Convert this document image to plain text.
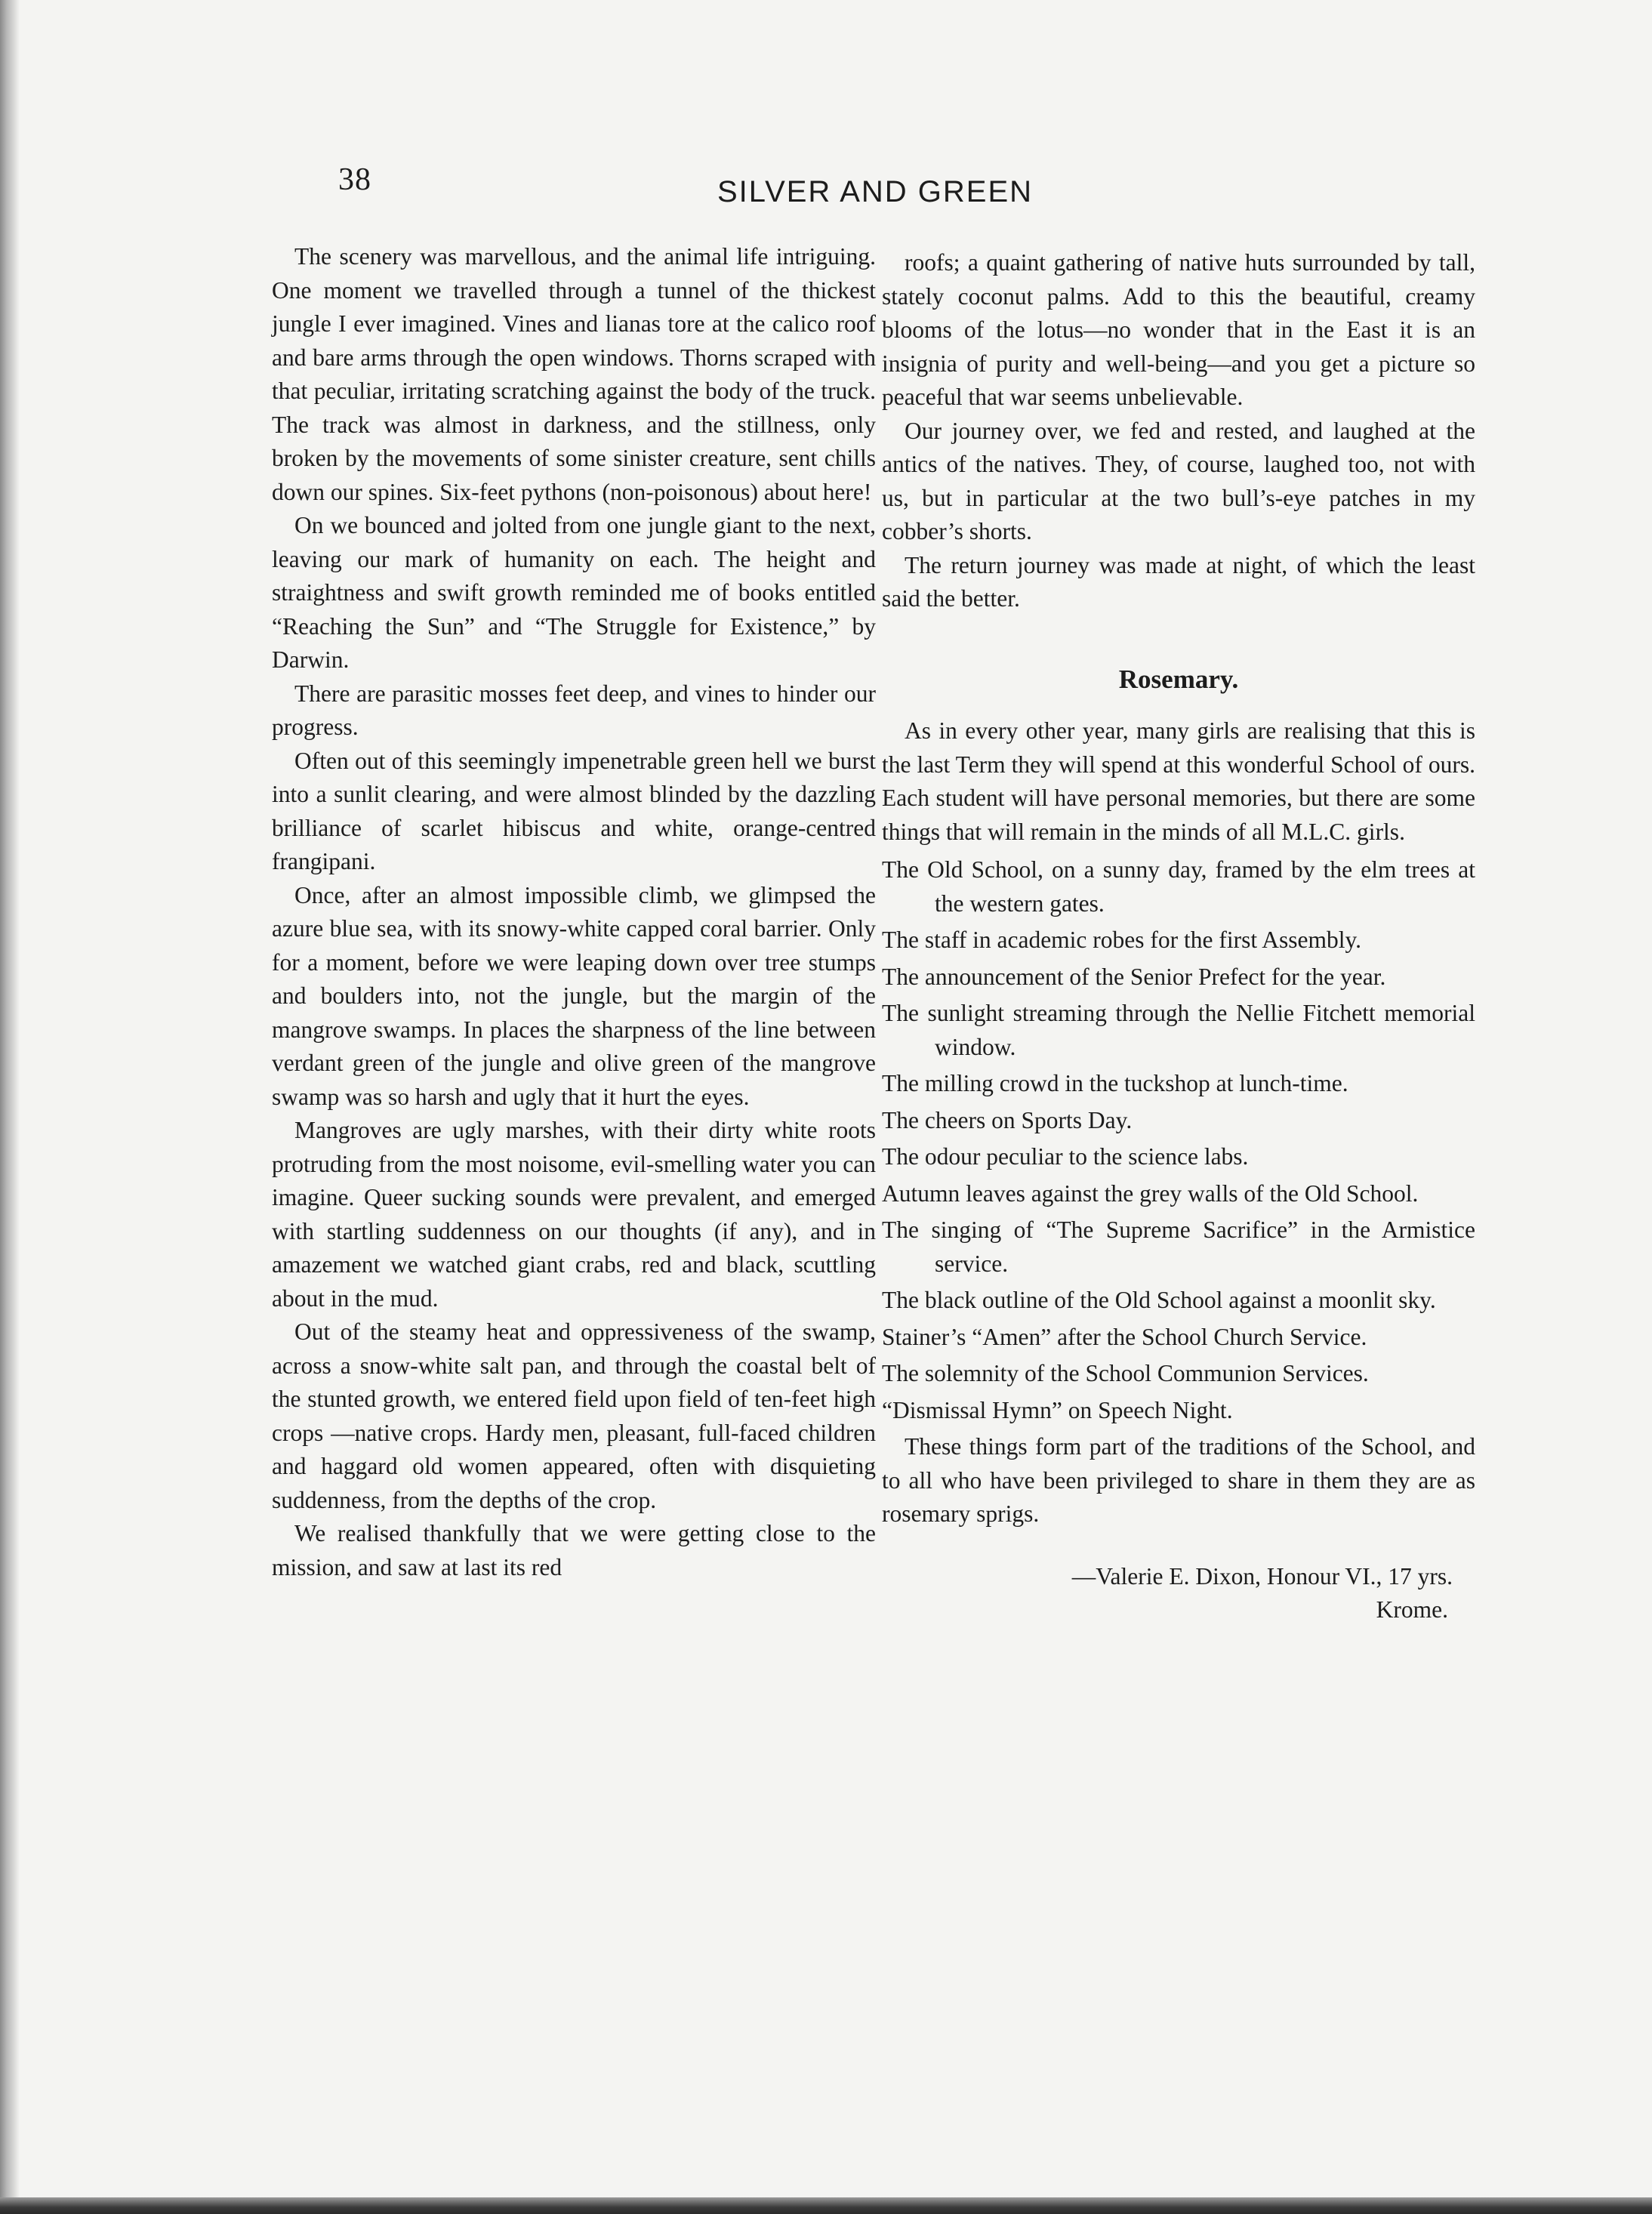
38	SILVER AND GREEN

The scenery was marvellous, and the animal life intriguing. One moment we travelled through a tunnel of the thickest jungle I ever imagined. Vines and lianas tore at the calico roof and bare arms through the open windows. Thorns scraped with that peculiar, irritating scratching against the body of the truck. The track was almost in darkness, and the stillness, only broken by the movements of some sinister creature, sent chills down our spines. Six-feet pythons (non-poisonous) about here!

On we bounced and jolted from one jungle giant to the next, leaving our mark of humanity on each. The height and straightness and swift growth reminded me of books entitled “Reaching the Sun” and “The Struggle for Existence,” by Darwin.

There are parasitic mosses feet deep, and vines to hinder our progress.

Often out of this seemingly impenetrable green hell we burst into a sunlit clearing, and were almost blinded by the dazzling brilliance of scarlet hibiscus and white, orange-centred frangipani.

Once, after an almost impossible climb, we glimpsed the azure blue sea, with its snowy-white capped coral barrier. Only for a moment, before we were leaping down over tree stumps and boulders into, not the jungle, but the margin of the mangrove swamps. In places the sharpness of the line between verdant green of the jungle and olive green of the mangrove swamp was so harsh and ugly that it hurt the eyes.

Mangroves are ugly marshes, with their dirty white roots protruding from the most noisome, evil-smelling water you can imagine. Queer sucking sounds were prevalent, and emerged with startling suddenness on our thoughts (if any), and in amazement we watched giant crabs, red and black, scuttling about in the mud.

Out of the steamy heat and oppressiveness of the swamp, across a snow-white salt pan, and through the coastal belt of the stunted growth, we entered field upon field of ten-feet high crops —native crops. Hardy men, pleasant, full-faced children and haggard old women appeared, often with disquieting suddenness, from the depths of the crop.

We realised thankfully that we were getting close to the mission, and saw at last its red

roofs; a quaint gathering of native huts surrounded by tall, stately coconut palms. Add to this the beautiful, creamy blooms of the lotus—no wonder that in the East it is an insignia of purity and well-being—and you get a picture so peaceful that war seems unbelievable.

Our journey over, we fed and rested, and laughed at the antics of the natives. They, of course, laughed too, not with us, but in particular at the two bull’s-eye patches in my cobber’s shorts.

The return journey was made at night, of which the least said the better.

Rosemary.

As in every other year, many girls are realising that this is the last Term they will spend at this wonderful School of ours. Each student will have personal memories, but there are some things that will remain in the minds of all M.L.C. girls.

The Old School, on a sunny day, framed by the elm trees at the western gates.
The staff in academic robes for the first Assembly.
The announcement of the Senior Prefect for the year.
The sunlight streaming through the Nellie Fitchett memorial window.
The milling crowd in the tuckshop at lunch-time.
The cheers on Sports Day.
The odour peculiar to the science labs.
Autumn leaves against the grey walls of the Old School.
The singing of “The Supreme Sacrifice” in the Armistice service.
The black outline of the Old School against a moonlit sky.
Stainer’s “Amen” after the School Church Service.
The solemnity of the School Communion Services.
“Dismissal Hymn” on Speech Night.

These things form part of the traditions of the School, and to all who have been privileged to share in them they are as rosemary sprigs.

—Valerie E. Dixon, Honour VI., 17 yrs.
Krome.
